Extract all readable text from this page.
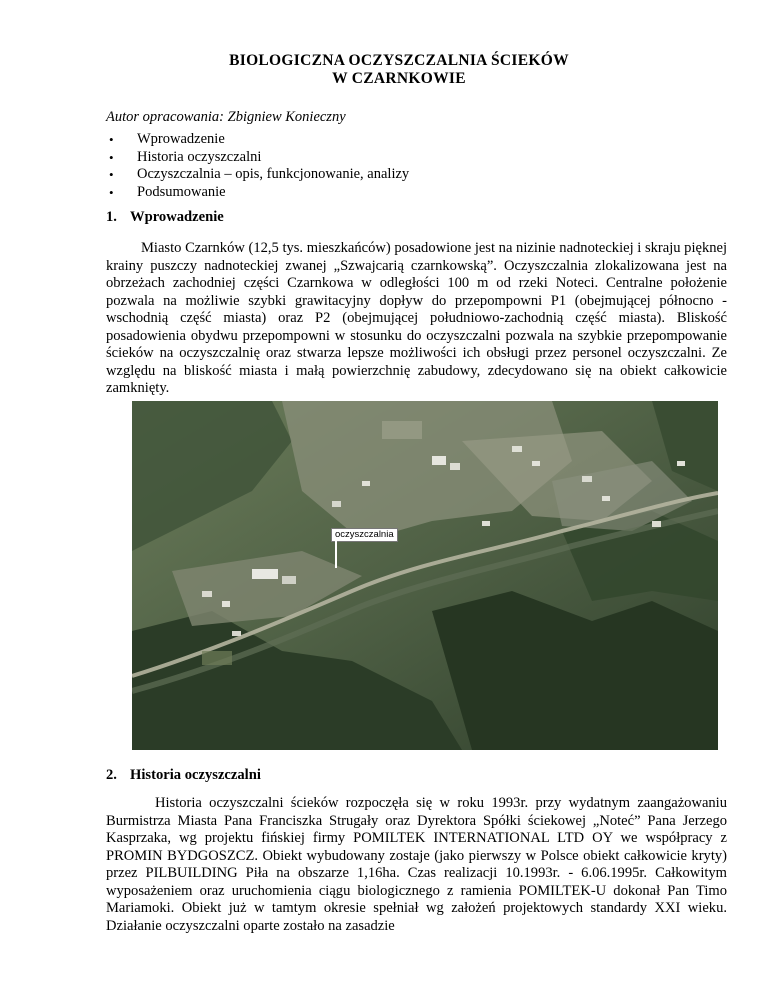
BIOLOGICZNA OCZYSZCZALNIA ŚCIEKÓW
W CZARNKOWIE
Autor opracowania: Zbigniew Konieczny
• Wprowadzenie
• Historia oczyszczalni
• Oczyszczalnia – opis, funkcjonowanie, analizy
• Podsumowanie
1. Wprowadzenie
Miasto Czarnków (12,5 tys. mieszkańców) posadowione jest na nizinie nadnoteckiej i skraju pięknej krainy puszczy nadnoteckiej zwanej „Szwajcarią czarnkowską”. Oczyszczalnia zlokalizowana jest na obrzeżach zachodniej części Czarnkowa w odległości 100 m od rzeki Noteci. Centralne położenie pozwala na możliwie szybki grawitacyjny dopływ do przepompowni P1 (obejmującej północno - wschodnią część miasta) oraz P2 (obejmującej południowo-zachodnią część miasta). Bliskość posadowienia obydwu przepompowni w stosunku do oczyszczalni pozwala na szybkie przepompowanie ścieków na oczyszczalnię oraz stwarza lepsze możliwości ich obsługi przez personel oczyszczalni. Ze względu na bliskość miasta i małą powierzchnię zabudowy, zdecydowano się na obiekt całkowicie zamknięty.
oczyszczalnia
2. Historia oczyszczalni
Historia oczyszczalni ścieków rozpoczęła się w roku 1993r. przy wydatnym zaangażowaniu Burmistrza Miasta Pana Franciszka Strugały oraz Dyrektora Spółki ściekowej „Noteć” Pana Jerzego Kasprzaka, wg projektu fińskiej firmy POMILTEK INTERNATIONAL LTD OY we współpracy z PROMIN BYDGOSZCZ. Obiekt wybudowany zostaje (jako pierwszy w Polsce obiekt całkowicie kryty) przez PILBUILDING Piła na obszarze 1,16ha. Czas realizacji 10.1993r. - 6.06.1995r. Całkowitym wyposażeniem oraz uruchomienia ciągu biologicznego z ramienia POMILTEK-U dokonał Pan Timo Mariamoki. Obiekt już w tamtym okresie spełniał wg założeń projektowych standardy XXI wieku. Działanie oczyszczalni oparte zostało na zasadzie
